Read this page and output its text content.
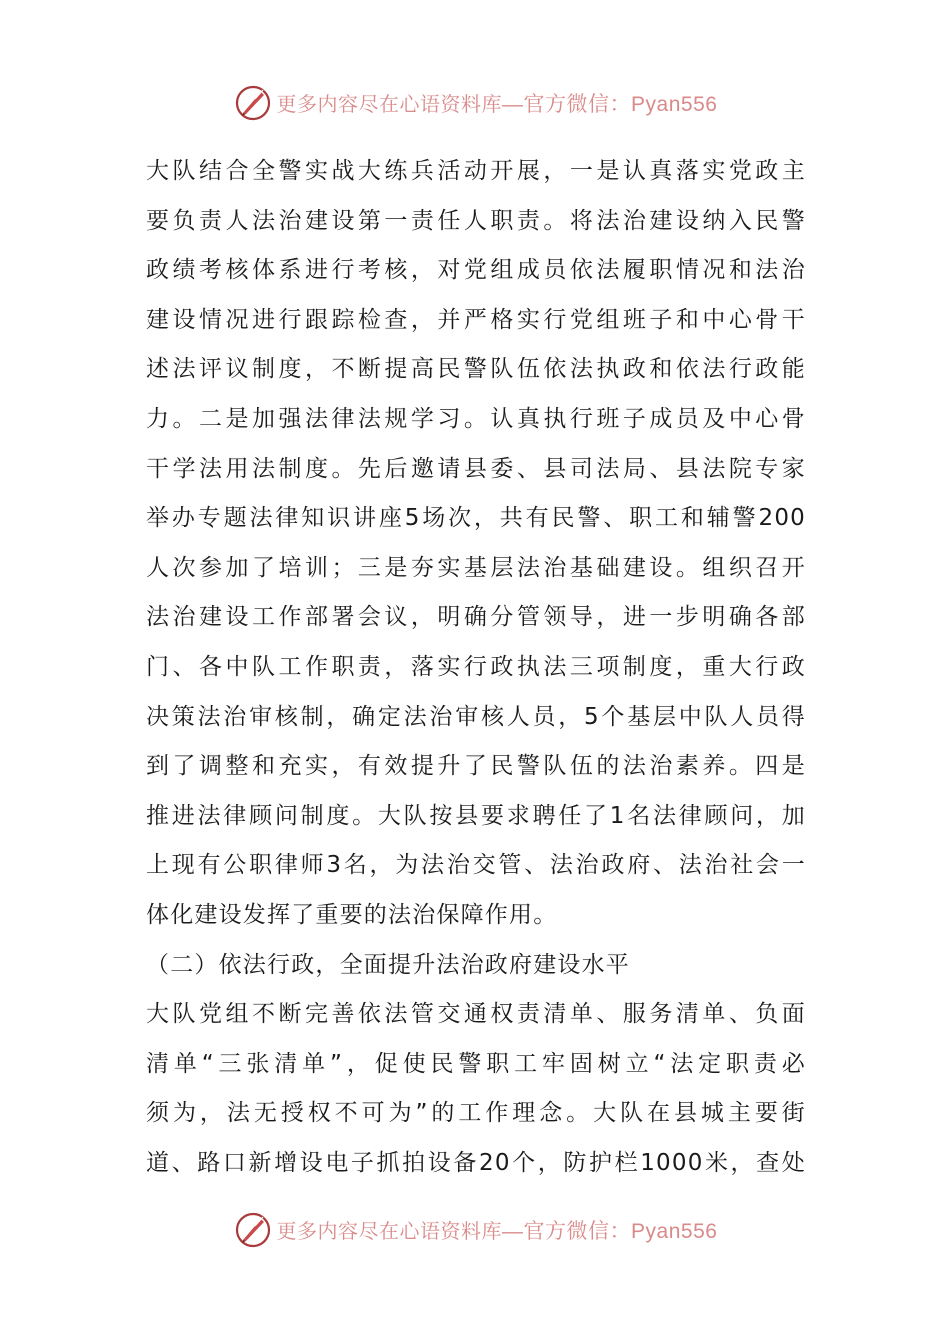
更多内容尽在心语资料库—官方微信：Pyan556
大队结合全警实战大练兵活动开展，一是认真落实党政主
要负责人法治建设第一责任人职责。将法治建设纳入民警
政绩考核体系进行考核，对党组成员依法履职情况和法治
建设情况进行跟踪检查，并严格实行党组班子和中心骨干
述法评议制度，不断提高民警队伍依法执政和依法行政能
力。二是加强法律法规学习。认真执行班子成员及中心骨
干学法用法制度。先后邀请县委、县司法局、县法院专家
举办专题法律知识讲座5场次，共有民警、职工和辅警200
人次参加了培训；三是夯实基层法治基础建设。组织召开
法治建设工作部署会议，明确分管领导，进一步明确各部
门、各中队工作职责，落实行政执法三项制度，重大行政
决策法治审核制，确定法治审核人员，5个基层中队人员得
到了调整和充实，有效提升了民警队伍的法治素养。四是
推进法律顾问制度。大队按县要求聘任了1名法律顾问，加
上现有公职律师3名，为法治交管、法治政府、法治社会一
体化建设发挥了重要的法治保障作用。
（二）依法行政，全面提升法治政府建设水平
大队党组不断完善依法管交通权责清单、服务清单、负面
清单“三张清单”，促使民警职工牢固树立“法定职责必
须为，法无授权不可为”的工作理念。大队在县城主要街
道、路口新增设电子抓拍设备20个，防护栏1000米，查处
更多内容尽在心语资料库—官方微信：Pyan556
